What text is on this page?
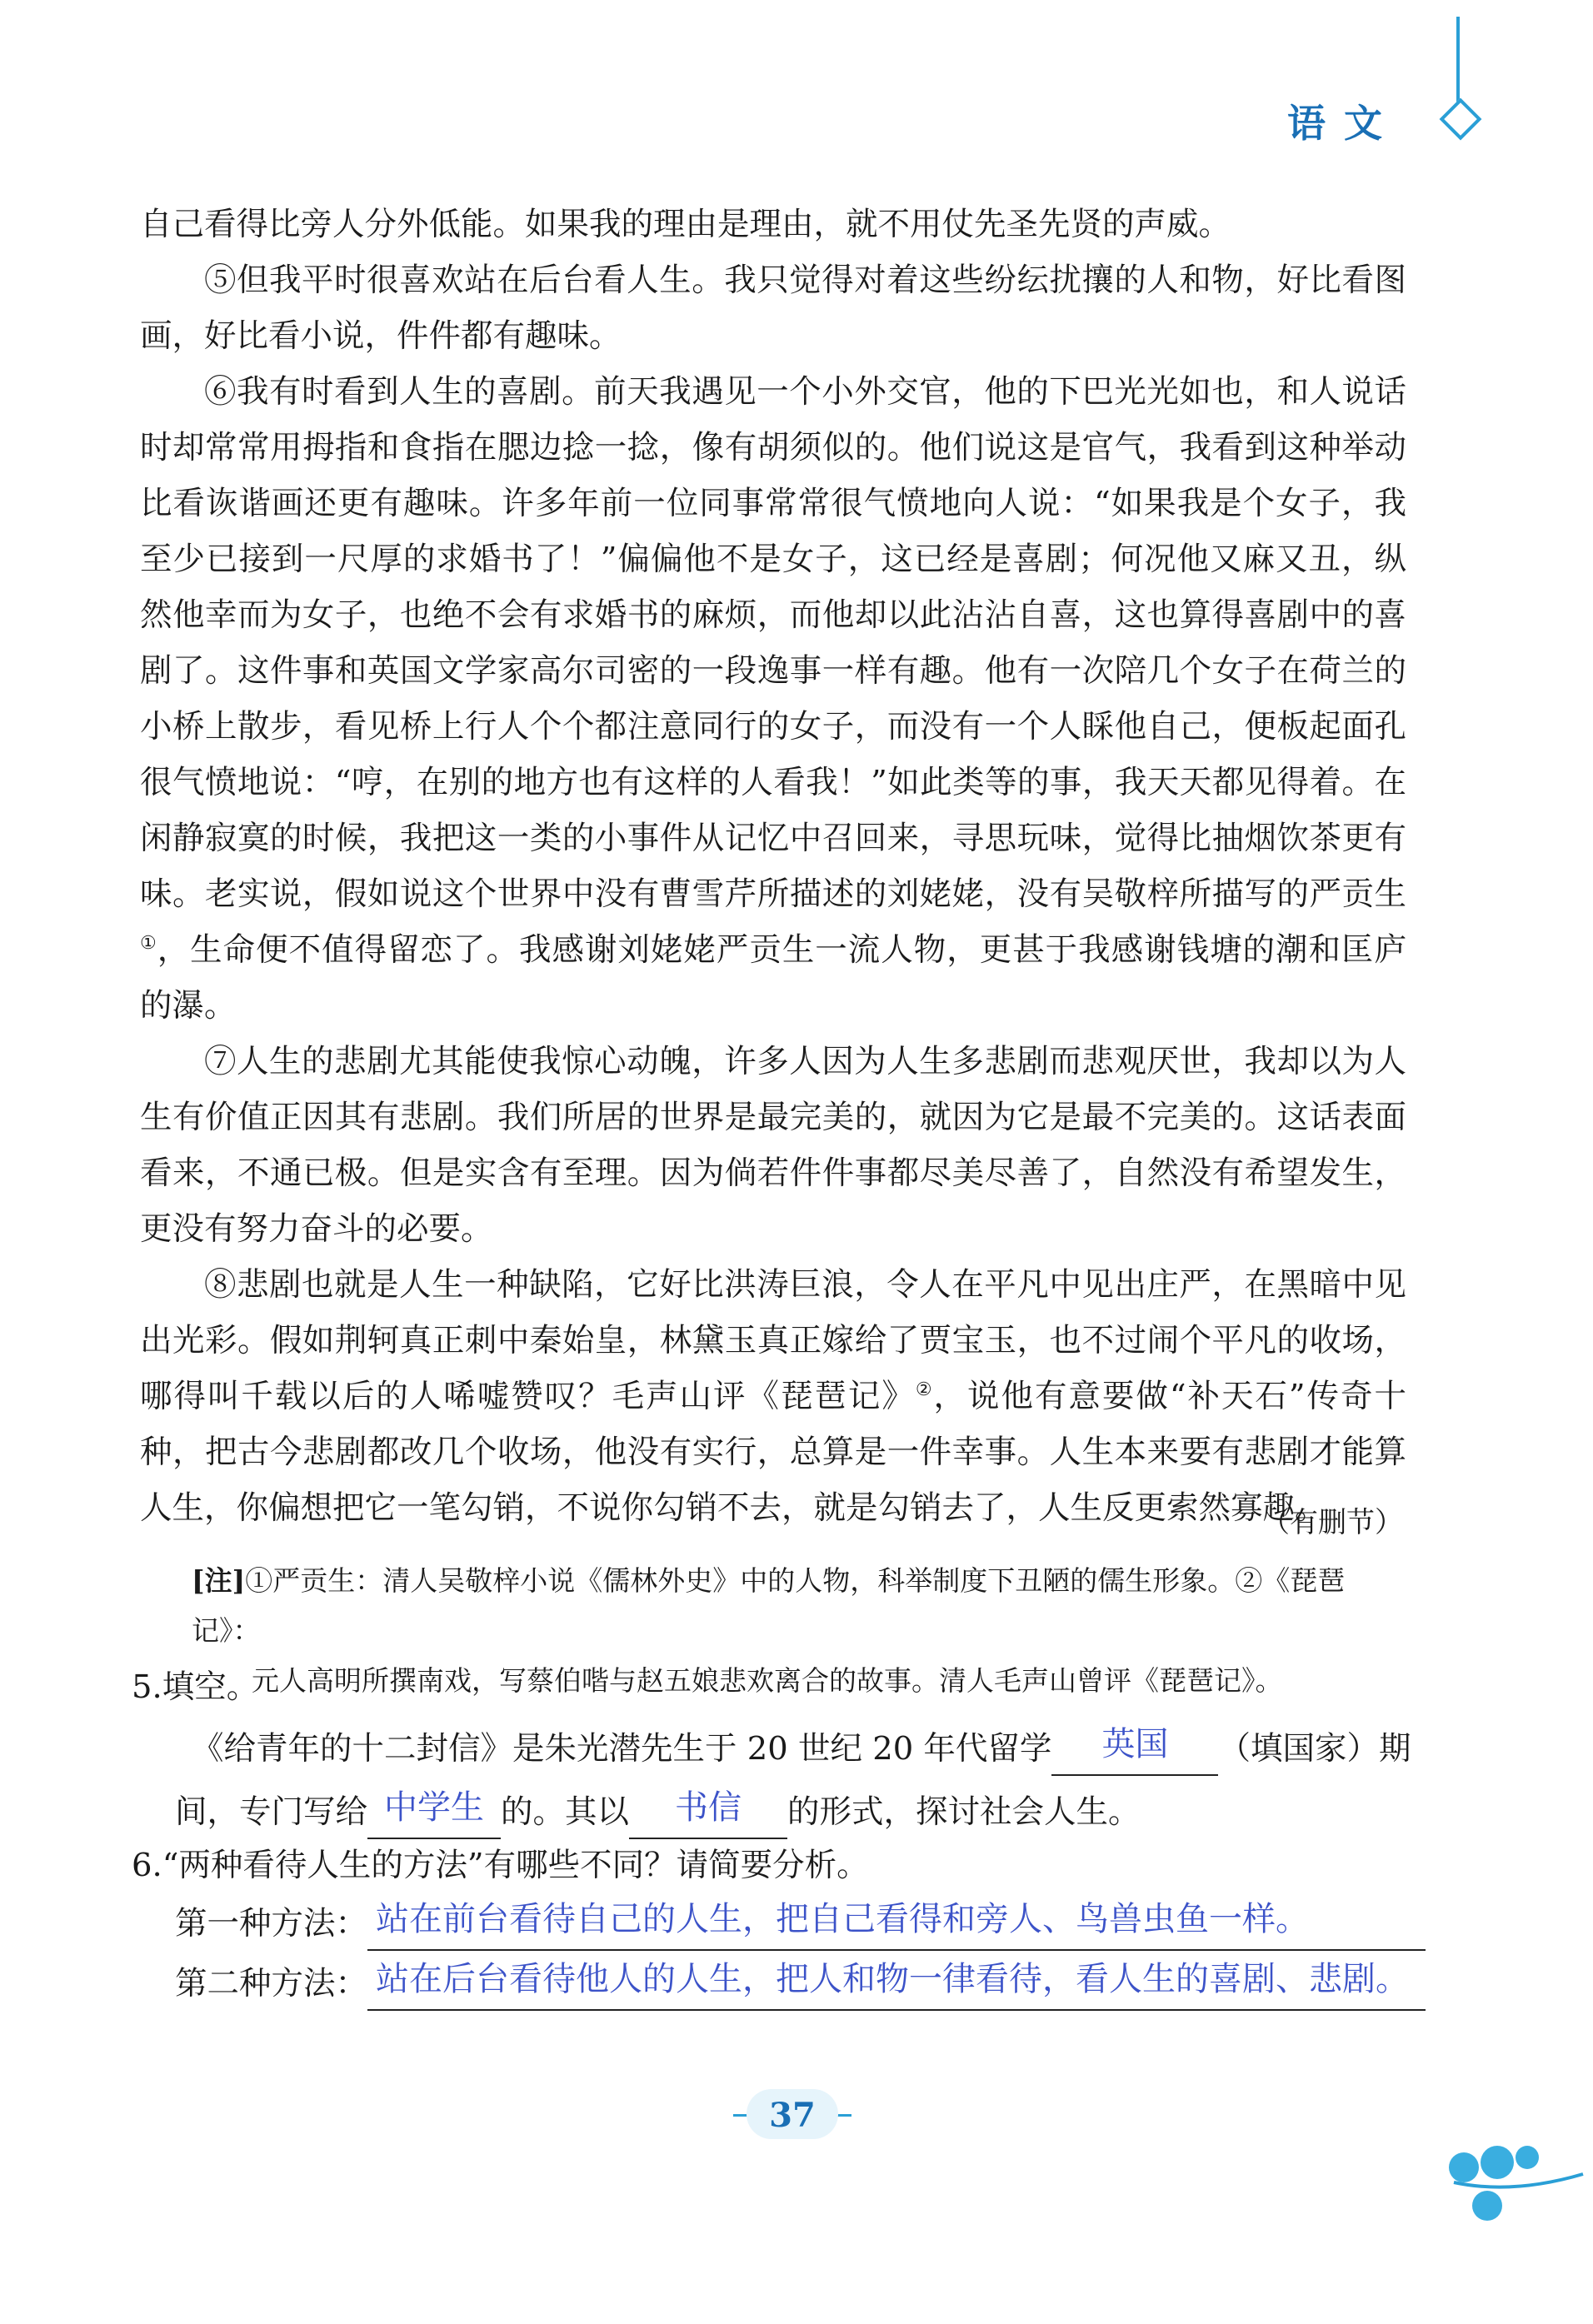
语文

自己看得比旁人分外低能。如果我的理由是理由，就不用仗先圣先贤的声威。

⑤但我平时很喜欢站在后台看人生。我只觉得对着这些纷纭扰攘的人和物，好比看图画，好比看小说，件件都有趣味。

⑥我有时看到人生的喜剧。前天我遇见一个小外交官，他的下巴光光如也，和人说话时却常常用拇指和食指在腮边捻一捻，像有胡须似的。他们说这是官气，我看到这种举动比看诙谐画还更有趣味。许多年前一位同事常常很气愤地向人说：“如果我是个女子，我至少已接到一尺厚的求婚书了！”偏偏他不是女子，这已经是喜剧；何况他又麻又丑，纵然他幸而为女子，也绝不会有求婚书的麻烦，而他却以此沾沾自喜，这也算得喜剧中的喜剧了。这件事和英国文学家高尔司密的一段逸事一样有趣。他有一次陪几个女子在荷兰的小桥上散步，看见桥上行人个个都注意同行的女子，而没有一个人睬他自己，便板起面孔很气愤地说：“哼，在别的地方也有这样的人看我！”如此类等的事，我天天都见得着。在闲静寂寞的时候，我把这一类的小事件从记忆中召回来，寻思玩味，觉得比抽烟饮茶更有味。老实说，假如说这个世界中没有曹雪芹所描述的刘姥姥，没有吴敬梓所描写的严贡生①，生命便不值得留恋了。我感谢刘姥姥严贡生一流人物，更甚于我感谢钱塘的潮和匡庐的瀑。

⑦人生的悲剧尤其能使我惊心动魄，许多人因为人生多悲剧而悲观厌世，我却以为人生有价值正因其有悲剧。我们所居的世界是最完美的，就因为它是最不完美的。这话表面看来，不通已极。但是实含有至理。因为倘若件件事都尽美尽善了，自然没有希望发生，更没有努力奋斗的必要。

⑧悲剧也就是人生一种缺陷，它好比洪涛巨浪，令人在平凡中见出庄严，在黑暗中见出光彩。假如荆轲真正刺中秦始皇，林黛玉真正嫁给了贾宝玉，也不过闹个平凡的收场，哪得叫千载以后的人唏嘘赞叹？毛声山评《琵琶记》②，说他有意要做“补天石”传奇十种，把古今悲剧都改几个收场，他没有实行，总算是一件幸事。人生本来要有悲剧才能算人生，你偏想把它一笔勾销，不说你勾销不去，就是勾销去了，人生反更索然寡趣。

（有删节）
[注]①严贡生：清人吴敬梓小说《儒林外史》中的人物，科举制度下丑陋的儒生形象。②《琵琶记》：
元人高明所撰南戏，写蔡伯喈与赵五娘悲欢离合的故事。清人毛声山曾评《琵琶记》。
5.填空。
《给青年的十二封信》是朱光潜先生于 20 世纪 20 年代留学	英国	（填国家）期
间，专门写给 中学生 的。其以	书信	的形式，探讨社会人生。
6.“两种看待人生的方法”有哪些不同？请简要分析。
第一种方法： 站在前台看待自己的人生，把自己看得和旁人、鸟兽虫鱼一样。

第二种方法： 站在后台看待他人的人生，把人和物一律看待，看人生的喜剧、悲剧。

37
